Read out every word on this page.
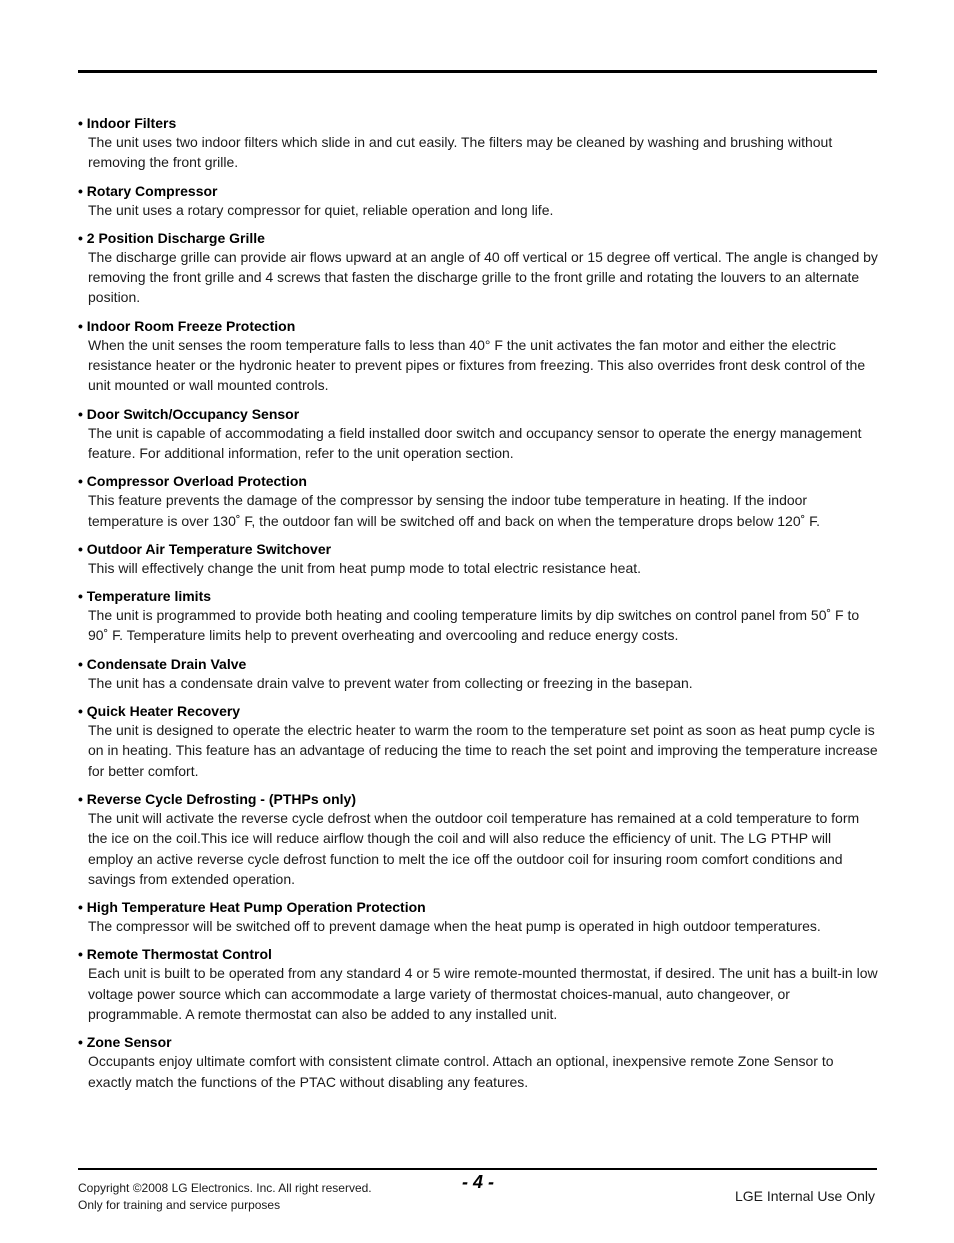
• Indoor Filters
The unit uses two indoor filters which slide in and cut easily. The filters may be cleaned by washing and brushing without removing the front grille.
• Rotary Compressor
The unit uses a rotary compressor for quiet, reliable operation and long life.
• 2 Position Discharge Grille
The discharge grille can provide air flows upward at an angle of 40 off vertical or 15 degree off vertical. The angle is changed by removing the front grille and 4 screws that fasten the discharge grille to the front grille and rotating the louvers to an alternate position.
• Indoor Room Freeze Protection
When the unit senses the room temperature falls to less than 40° F the unit activates the fan motor and either the electric resistance heater or the hydronic heater to prevent pipes or fixtures from freezing. This also overrides front desk control of the unit mounted or wall mounted controls.
• Door Switch/Occupancy Sensor
The unit is capable of accommodating a field installed door switch and occupancy sensor to operate the energy management feature. For additional information, refer to the unit operation section.
• Compressor Overload Protection
This feature prevents the damage of the compressor by sensing the indoor tube temperature in heating. If the indoor temperature is over 130˚ F, the outdoor fan will be switched off and back on when the temperature drops below 120˚ F.
• Outdoor Air Temperature Switchover
This will effectively change the unit from heat pump mode to total electric resistance heat.
• Temperature limits
The unit is programmed to provide both heating and cooling temperature limits by dip switches on control panel from 50˚ F to 90˚ F. Temperature limits help to prevent overheating and overcooling and reduce energy costs.
• Condensate Drain Valve
The unit has a condensate drain valve to prevent water from collecting or freezing in the basepan.
• Quick Heater Recovery
The unit is designed to operate the electric heater to warm the room to the temperature set point as soon as heat pump cycle is on in heating. This feature has an advantage of reducing the time to reach the set point and improving the temperature increase for better comfort.
• Reverse Cycle Defrosting - (PTHPs only)
The unit will activate the reverse cycle defrost when the outdoor coil temperature has remained at a cold temperature to form the ice on the coil.This ice will reduce airflow though the coil and will also reduce the efficiency of unit. The LG PTHP will employ an active reverse cycle defrost function to melt the ice off the outdoor coil for insuring room comfort conditions and savings from extended operation.
• High Temperature Heat Pump Operation Protection
The compressor will be switched off to prevent damage when the heat pump is operated in high outdoor temperatures.
• Remote Thermostat Control
Each unit is built to be operated from any standard 4 or 5 wire remote-mounted thermostat, if desired. The unit has a built-in low voltage power source which can accommodate a large variety of thermostat choices-manual, auto changeover, or programmable. A remote thermostat can also be added to any installed unit.
• Zone Sensor
Occupants enjoy ultimate comfort with consistent climate control. Attach an optional, inexpensive remote Zone Sensor to exactly match the functions of the PTAC without disabling any features.
Copyright ©2008 LG Electronics. Inc. All right reserved.
Only for training and service purposes
- 4 -
LGE Internal Use Only
